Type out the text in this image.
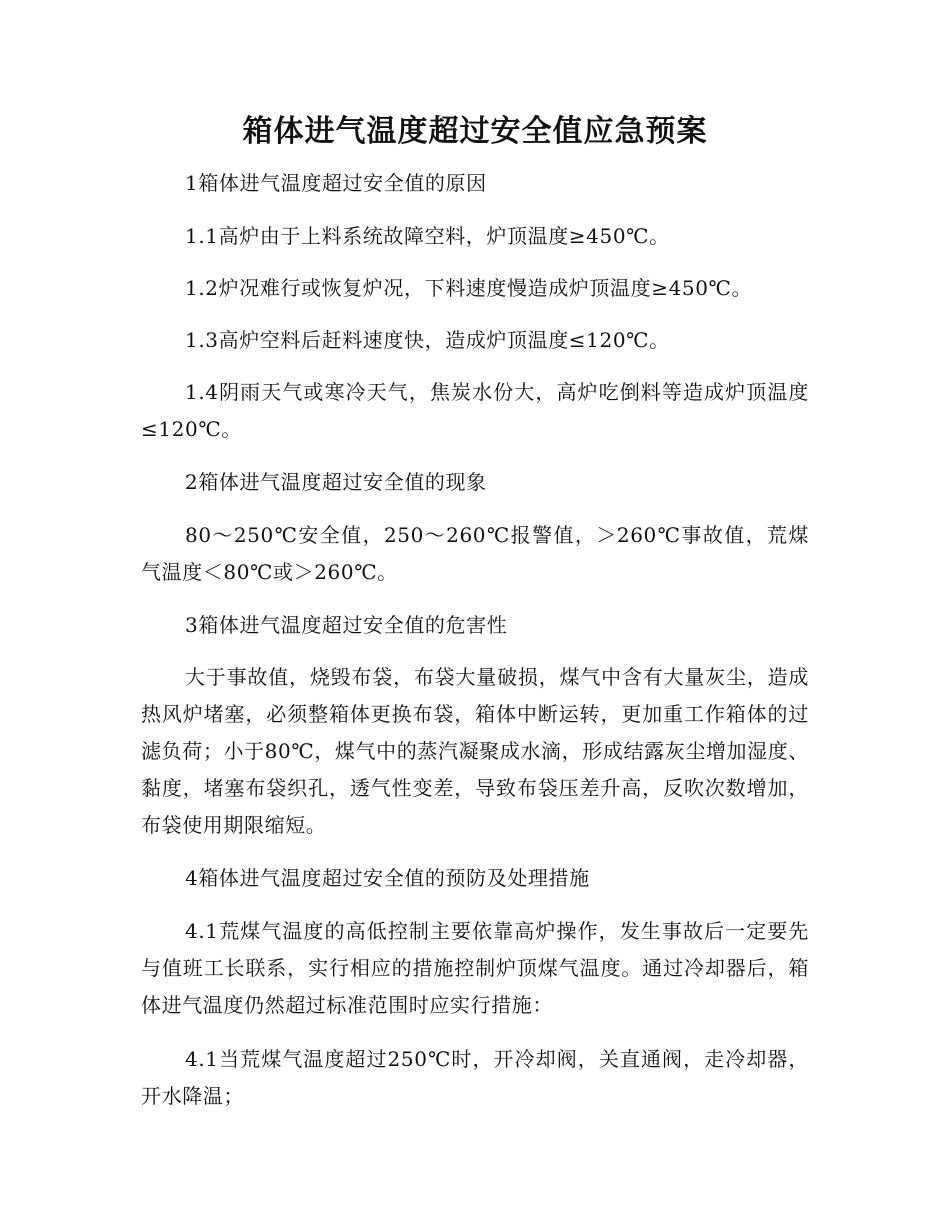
箱体进气温度超过安全值应急预案

1箱体进气温度超过安全值的原因

1.1高炉由于上料系统故障空料，炉顶温度≥450℃。

1.2炉况难行或恢复炉况，下料速度慢造成炉顶温度≥450℃。

1.3高炉空料后赶料速度快，造成炉顶温度≤120℃。

1.4阴雨天气或寒冷天气，焦炭水份大，高炉吃倒料等造成炉顶温度≤120℃。

2箱体进气温度超过安全值的现象

80～250℃安全值，250～260℃报警值，＞260℃事故值，荒煤气温度＜80℃或＞260℃。

3箱体进气温度超过安全值的危害性

大于事故值，烧毁布袋，布袋大量破损，煤气中含有大量灰尘，造成热风炉堵塞，必须整箱体更换布袋，箱体中断运转，更加重工作箱体的过滤负荷；小于80℃，煤气中的蒸汽凝聚成水滴，形成结露灰尘增加湿度、黏度，堵塞布袋织孔，透气性变差，导致布袋压差升高，反吹次数增加，布袋使用期限缩短。

4箱体进气温度超过安全值的预防及处理措施

4.1荒煤气温度的高低控制主要依靠高炉操作，发生事故后一定要先与值班工长联系，实行相应的措施控制炉顶煤气温度。通过冷却器后，箱体进气温度仍然超过标准范围时应实行措施：

4.1当荒煤气温度超过250℃时，开冷却阀，关直通阀，走冷却器，开水降温；
